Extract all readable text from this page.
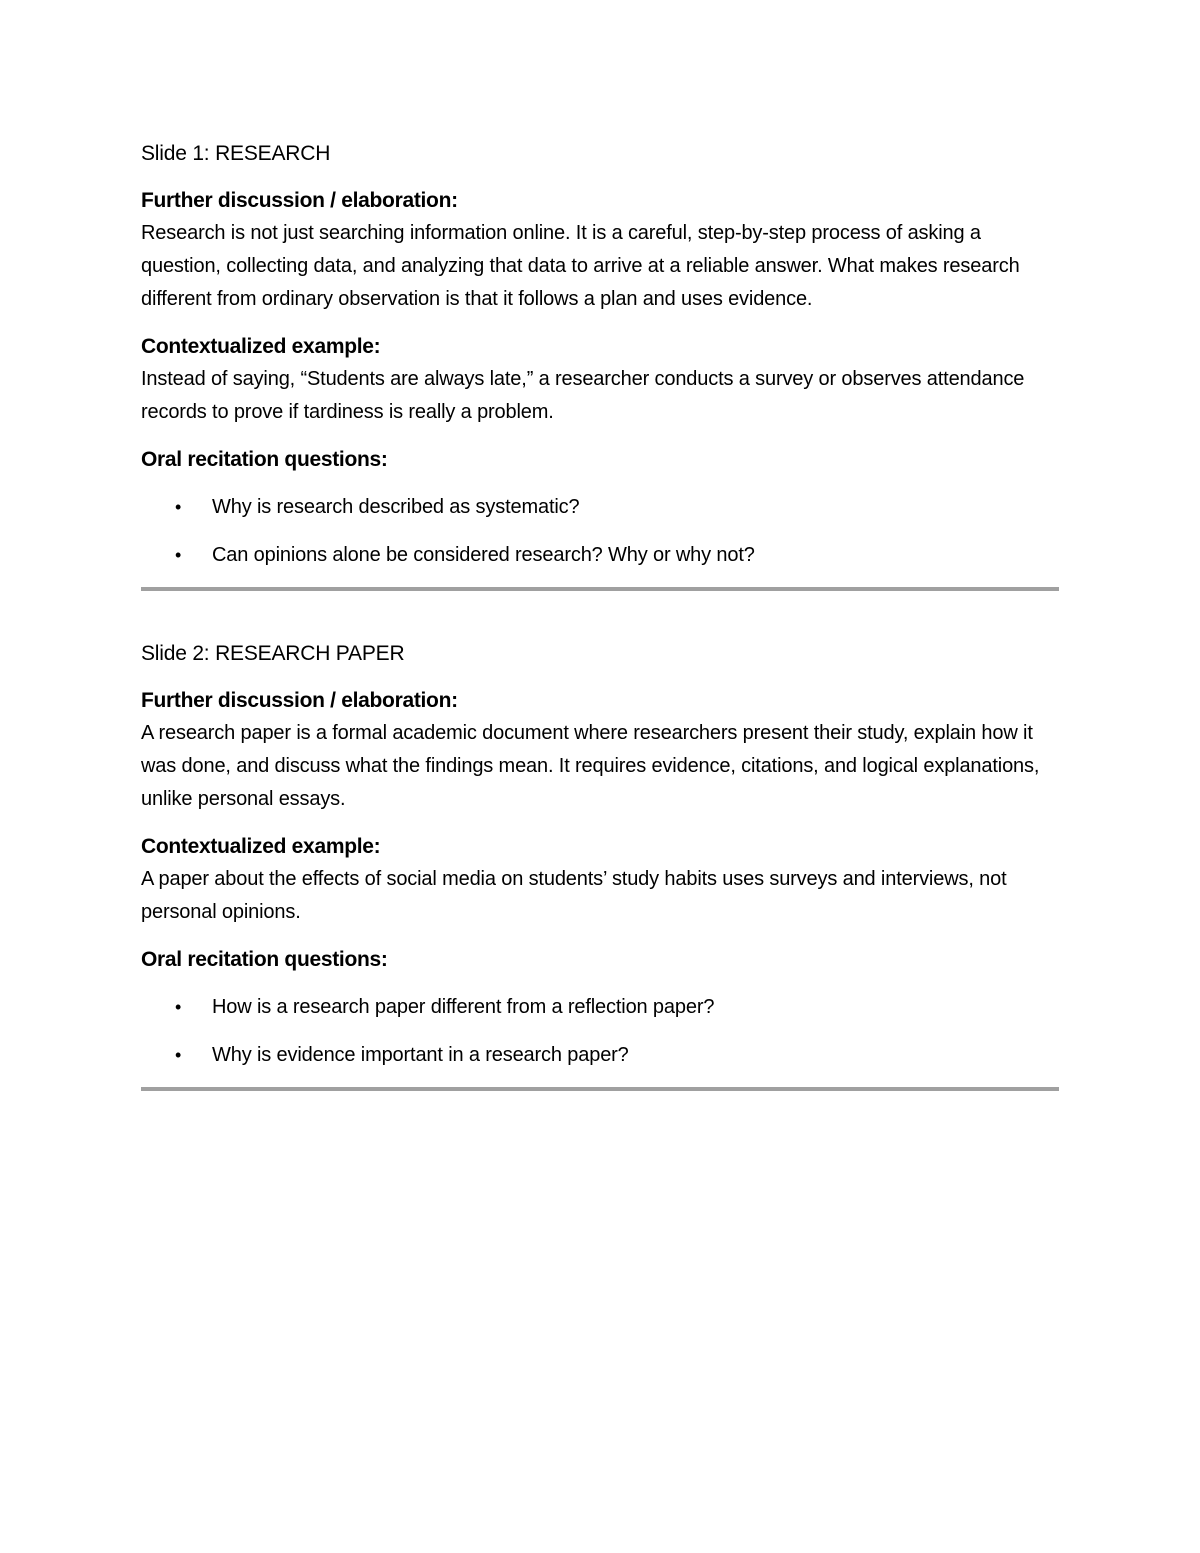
Slide 1: RESEARCH

Further discussion / elaboration:

Research is not just searching information online. It is a careful, step-by-step process of asking a question, collecting data, and analyzing that data to arrive at a reliable answer. What makes research different from ordinary observation is that it follows a plan and uses evidence.

Contextualized example:

Instead of saying, “Students are always late,” a researcher conducts a survey or observes attendance records to prove if tardiness is really a problem.

Oral recitation questions:

• Why is research described as systematic?
• Can opinions alone be considered research? Why or why not?
Slide 2: RESEARCH PAPER

Further discussion / elaboration:

A research paper is a formal academic document where researchers present their study, explain how it was done, and discuss what the findings mean. It requires evidence, citations, and logical explanations, unlike personal essays.

Contextualized example:

A paper about the effects of social media on students’ study habits uses surveys and interviews, not personal opinions.

Oral recitation questions:

• How is a research paper different from a reflection paper?
• Why is evidence important in a research paper?
